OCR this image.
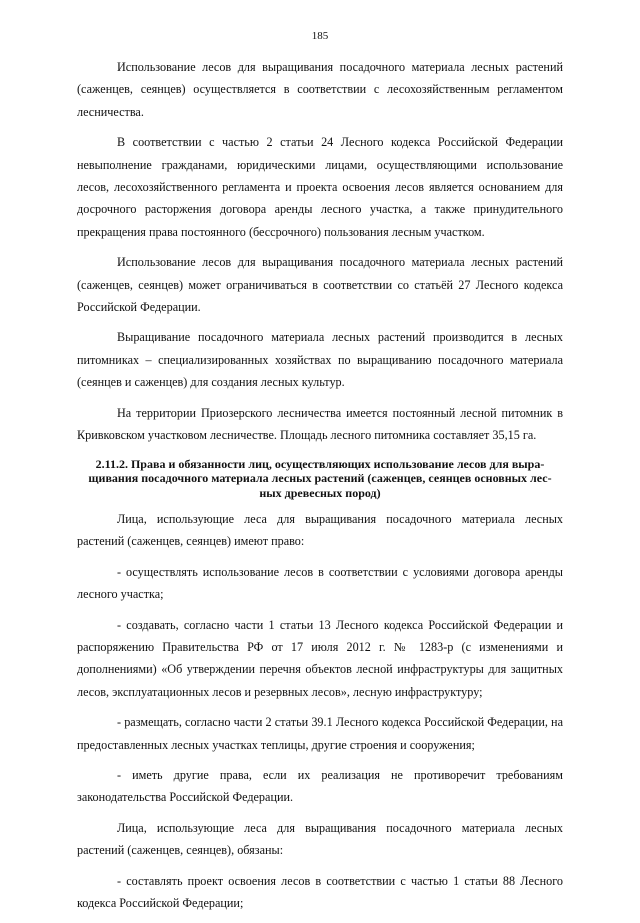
185

Использование лесов для выращивания посадочного материала лесных растений (саженцев, сеянцев) осуществляется в соответствии с лесохозяйственным регламентом лесничества.

В соответствии с частью 2 статьи 24 Лесного кодекса Российской Федерации невыполнение гражданами, юридическими лицами, осуществляющими использование лесов, лесохозяйственного регламента и проекта освоения лесов является основанием для досрочного расторжения договора аренды лесного участка, а также принудительного прекращения права постоянного (бессрочного) пользования лесным участком.

Использование лесов для выращивания посадочного материала лесных растений (саженцев, сеянцев) может ограничиваться в соответствии со статьёй 27 Лесного кодекса Российской Федерации.

Выращивание посадочного материала лесных растений производится в лесных питомниках – специализированных хозяйствах по выращиванию посадочного материала (сеянцев и саженцев) для создания лесных культур.

На территории Приозерского лесничества имеется постоянный лесной питомник в Кривковском участковом лесничестве. Площадь лесного питомника составляет 35,15 га.

2.11.2. Права и обязанности лиц, осуществляющих использование лесов для выра-
щивания посадочного материала лесных растений (саженцев, сеянцев основных лес-
ных древесных пород)

Лица, использующие леса для выращивания посадочного материала лесных растений (саженцев, сеянцев) имеют право:

- осуществлять использование лесов в соответствии с условиями договора аренды лесного участка;

- создавать, согласно части 1 статьи 13 Лесного кодекса Российской Федерации и распоряжению Правительства РФ от 17 июля 2012 г. № 1283-р (с изменениями и дополнениями) «Об утверждении перечня объектов лесной инфраструктуры для защитных лесов, эксплуатационных лесов и резервных лесов», лесную инфраструктуру;

- размещать, согласно части 2 статьи 39.1 Лесного кодекса Российской Федерации, на предоставленных лесных участках теплицы, другие строения и сооружения;

- иметь другие права, если их реализация не противоречит требованиям законодательства Российской Федерации.

Лица, использующие леса для выращивания посадочного материала лесных растений (саженцев, сеянцев), обязаны:

- составлять проект освоения лесов в соответствии с частью 1 статьи 88 Лесного кодекса Российской Федерации;
